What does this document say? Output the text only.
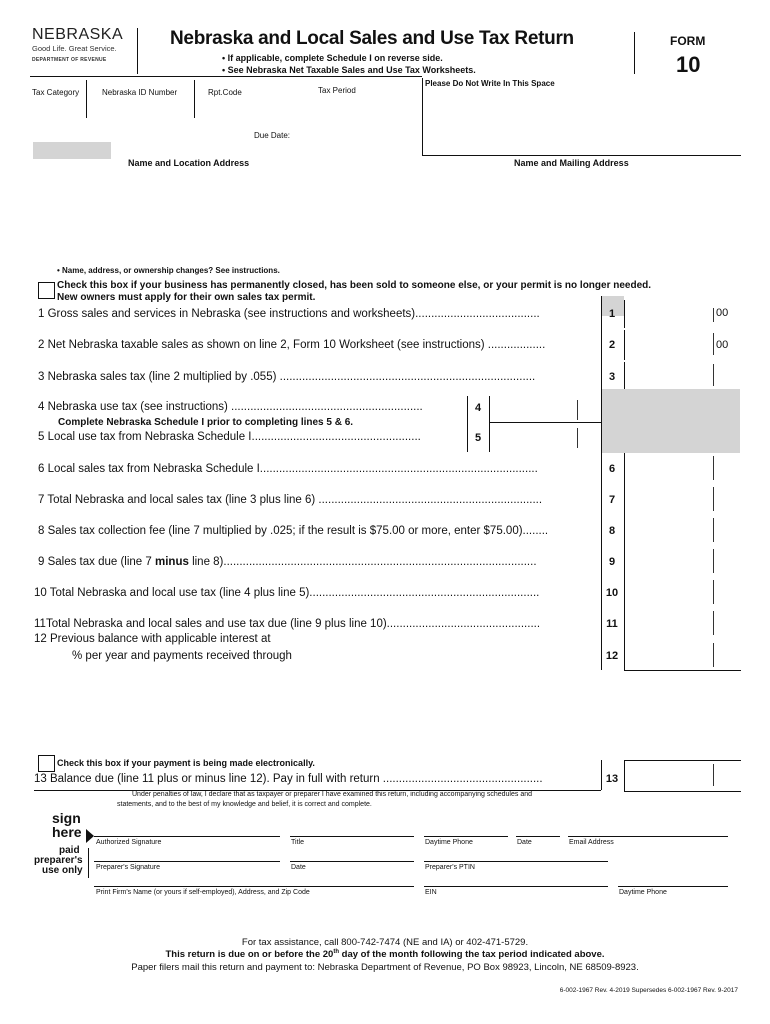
NEBRASKA
Good Life. Great Service.
DEPARTMENT OF REVENUE
Nebraska and Local Sales and Use Tax Return
• If applicable, complete Schedule I on reverse side.
• See Nebraska Net Taxable Sales and Use Tax Worksheets.
FORM
10
Tax Category	Nebraska ID Number	Rpt.Code	Tax Period
Due Date:
Please Do Not Write In This Space
Name and Location Address	Name and Mailing Address
• Name, address, or ownership changes? See instructions.
Check this box if your business has permanently closed, has been sold to someone else, or your permit is no longer needed.
New owners must apply for their own sales tax permit.
1 Gross sales and services in Nebraska (see instructions and worksheets).......................................	1	00
2 Net Nebraska taxable sales as shown on line 2, Form 10 Worksheet (see instructions) ..................	2	00
3 Nebraska sales tax (line 2 multiplied by .055) ................................................................................	3
4 Nebraska use tax (see instructions) ............................................................	4
Complete Nebraska Schedule I prior to completing lines 5 & 6.
5 Local use tax from Nebraska Schedule I.....................................................	5
6 Local sales tax from Nebraska Schedule I.......................................................................................	6
7 Total Nebraska and local sales tax (line 3 plus line 6) ......................................................................	7
8 Sales tax collection fee (line 7 multiplied by .025; if the result is $75.00 or more, enter $75.00)........	8
9 Sales tax due (line 7 minus line 8)..................................................................................................	9
10 Total Nebraska and local use tax (line 4 plus line 5)........................................................................	10
11Total Nebraska and local sales and use tax due (line 9 plus line 10)................................................	11
12 Previous balance with applicable interest at
% per year and payments received through	12
Check this box if your payment is being made electronically.
13 Balance due (line 11 plus or minus line 12). Pay in full with return ..................................................	13
Under penalties of law, I declare that as taxpayer or preparer I have examined this return, including accompanying schedules and
statements, and to the best of my knowledge and belief, it is correct and complete.
sign
here
Authorized Signature	Title	Daytime Phone	Date	Email Address
paid
preparer's
use only Preparer's Signature	Date	Preparer's PTIN
Print Firm's Name (or yours if self-employed), Address, and Zip Code	EIN	Daytime Phone
For tax assistance, call 800-742-7474 (NE and IA) or 402-471-5729.
This return is due on or before the 20th day of the month following the tax period indicated above.
Paper filers mail this return and payment to: Nebraska Department of Revenue, PO Box 98923, Lincoln, NE 68509-8923.
6-002-1967 Rev. 4-2019 Supersedes 6-002-1967 Rev. 9-2017
